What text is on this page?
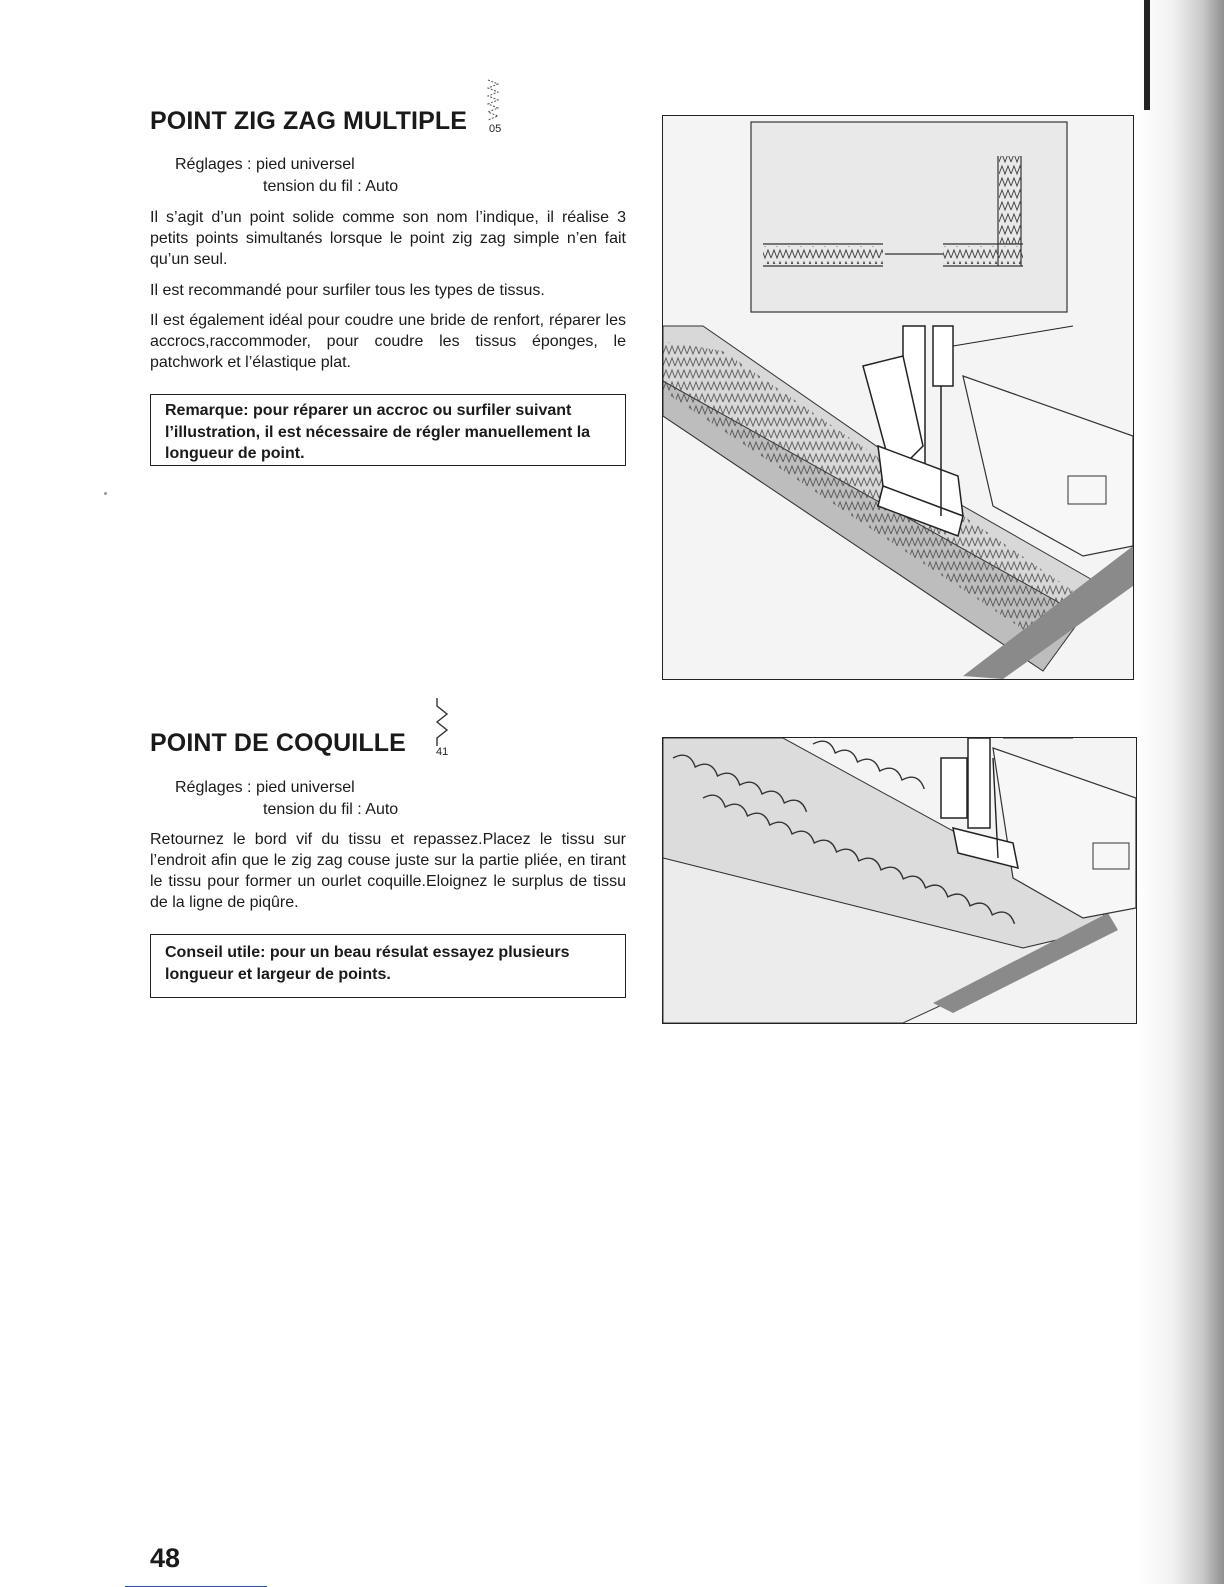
POINT ZIG ZAG MULTIPLE 05
Réglages : pied universel
tension du fil : Auto

Il s’agit d’un point solide comme son nom l’indique, il réalise 3 petits points simultanés lorsque le point zig zag simple n’en fait qu’un seul.

Il est recommandé pour surfiler tous les types de tissus.

Il est également idéal pour coudre une bride de renfort, réparer les accrocs,raccommoder, pour coudre les tissus éponges, le patchwork et l’élastique plat.

Remarque: pour réparer un accroc ou surfiler suivant l’illustration, il est nécessaire de régler manuellement la longueur de point.
POINT DE COQUILLE	41
Réglages : pied universel
tension du fil : Auto

Retournez le bord vif du tissu et repassez.Placez le tissu sur l’endroit afin que le zig zag couse juste sur la partie pliée, en tirant le tissu pour former un ourlet coquille.Eloignez le surplus de tissu de la ligne de piqûre.

Conseil utile: pour un beau résulat essayez plusieurs longueur et largeur de points.
48
